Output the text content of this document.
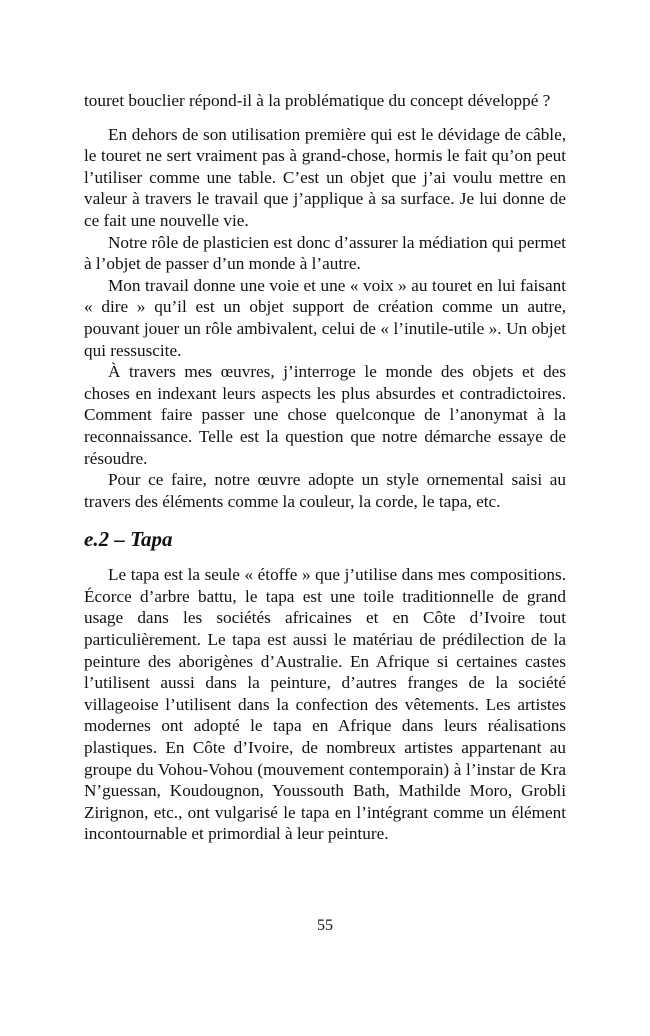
touret bouclier répond-il à la problématique du concept développé ?

En dehors de son utilisation première qui est le dévidage de câble, le touret ne sert vraiment pas à grand-chose, hormis le fait qu’on peut l’utiliser comme une table. C’est un objet que j’ai voulu mettre en valeur à travers le travail que j’applique à sa surface. Je lui donne de ce fait une nouvelle vie.

Notre rôle de plasticien est donc d’assurer la médiation qui permet à l’objet de passer d’un monde à l’autre.

Mon travail donne une voie et une « voix » au touret en lui faisant « dire » qu’il est un objet support de création comme un autre, pouvant jouer un rôle ambivalent, celui de « l’inutile-utile ». Un objet qui ressuscite.

À travers mes œuvres, j’interroge le monde des objets et des choses en indexant leurs aspects les plus absurdes et contradictoires. Comment faire passer une chose quelconque de l’anonymat à la reconnaissance. Telle est la question que notre démarche essaye de résoudre.

Pour ce faire, notre œuvre adopte un style ornemental saisi au travers des éléments comme la couleur, la corde, le tapa, etc.

e.2 – Tapa

Le tapa est la seule « étoffe » que j’utilise dans mes compositions. Écorce d’arbre battu, le tapa est une toile traditionnelle de grand usage dans les sociétés africaines et en Côte d’Ivoire tout particulièrement. Le tapa est aussi le matériau de prédilection de la peinture des aborigènes d’Australie. En Afrique si certaines castes l’utilisent aussi dans la peinture, d’autres franges de la société villageoise l’utilisent dans la confection des vêtements. Les artistes modernes ont adopté le tapa en Afrique dans leurs réalisations plastiques. En Côte d’Ivoire, de nombreux artistes appartenant au groupe du Vohou-Vohou (mouvement contemporain) à l’instar de Kra N’guessan, Koudougnon, Youssouth Bath, Mathilde Moro, Grobli Zirignon, etc., ont vulgarisé le tapa en l’intégrant comme un élément incontournable et primordial à leur peinture.

55
